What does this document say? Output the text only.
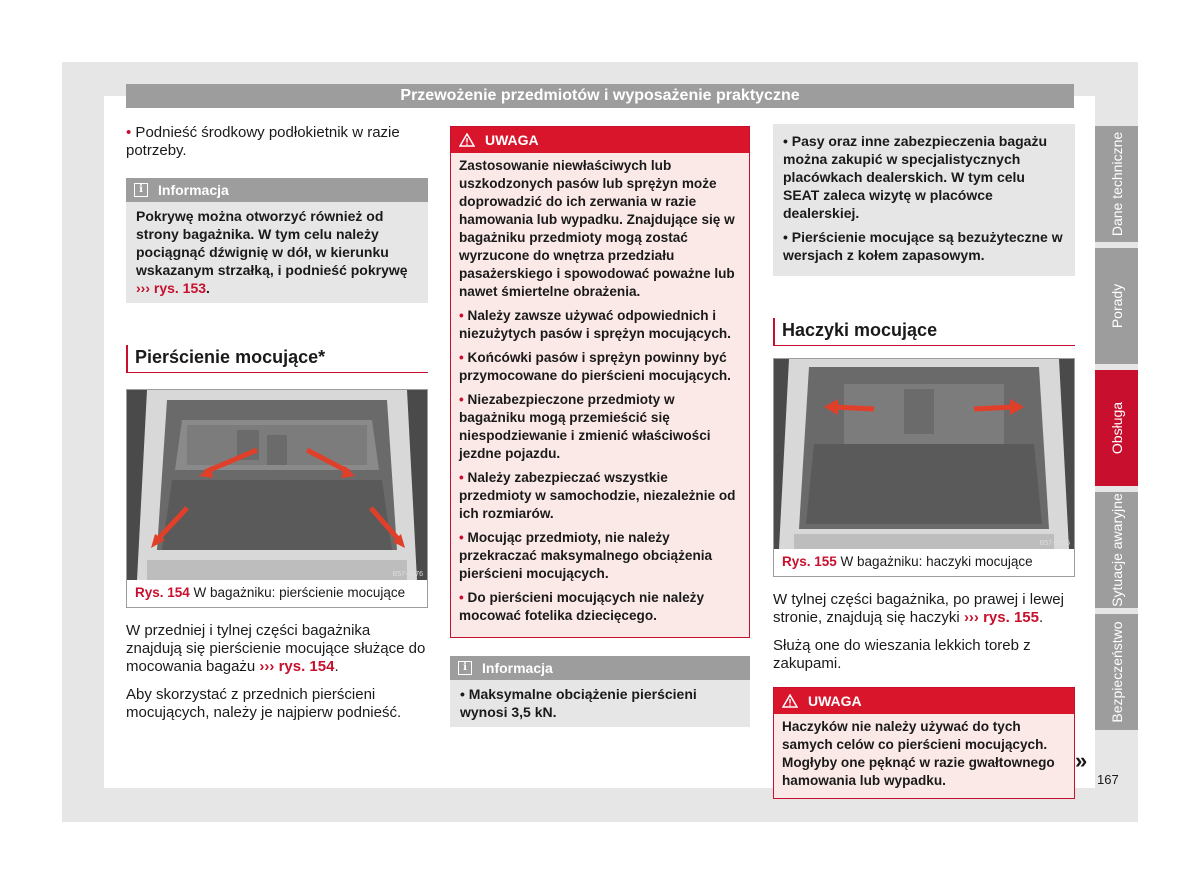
Przewożenie przedmiotów i wyposażenie praktyczne

• Podnieść środkowy podłokietnik w razie potrzeby.

i	Informacja
Pokrywę można otworzyć również od strony bagażnika. W tym celu należy pociągnąć dźwignię w dół, w kierunku wskazanym strzałką, i podnieść pokrywę ››› rys. 153.
Pierścienie mocujące*
B57-0076
Rys. 154 W bagażniku: pierścienie mocujące

W przedniej i tylnej części bagażnika znajdują się pierścienie mocujące służące do mocowania bagażu ››› rys. 154.

Aby skorzystać z przednich pierścieni mocujących, należy je najpierw podnieść.

UWAGA

Zastosowanie niewłaściwych lub uszkodzonych pasów lub sprężyn może doprowadzić do ich zerwania w razie hamowania lub wypadku. Znajdujące się w bagażniku przedmioty mogą zostać wyrzucone do wnętrza przedziału pasażerskiego i spowodować poważne lub nawet śmiertelne obrażenia.

• Należy zawsze używać odpowiednich i niezużytych pasów i sprężyn mocujących.

• Końcówki pasów i sprężyn powinny być przymocowane do pierścieni mocujących.

• Niezabezpieczone przedmioty w bagażniku mogą przemieścić się niespodziewanie i zmienić właściwości jezdne pojazdu.

• Należy zabezpieczać wszystkie przedmioty w samochodzie, niezależnie od ich rozmiarów.

• Mocując przedmioty, nie należy przekraczać maksymalnego obciążenia pierścieni mocujących.

• Do pierścieni mocujących nie należy mocować fotelika dziecięcego.

i	Informacja
• Maksymalne obciążenie pierścieni wynosi 3,5 kN.

• Pasy oraz inne zabezpieczenia bagażu można zakupić w specjalistycznych placówkach dealerskich. W tym celu SEAT zaleca wizytę w placówce dealerskiej.

• Pierścienie mocujące są bezużyteczne w wersjach z kołem zapasowym.

Haczyki mocujące
B57-0095
Rys. 155 W bagażniku: haczyki mocujące

W tylnej części bagażnika, po prawej i lewej stronie, znajdują się haczyki ››› rys. 155.

Służą one do wieszania lekkich toreb z zakupami.

UWAGA

Haczyków nie należy używać do tych samych celów co pierścieni mocujących. Mogłyby one pęknąć w razie gwałtownego hamowania lub wypadku.

»
Dane techniczne
Porady
Obsługa
Sytuacje awaryjne
Bezpieczeństwo
167
